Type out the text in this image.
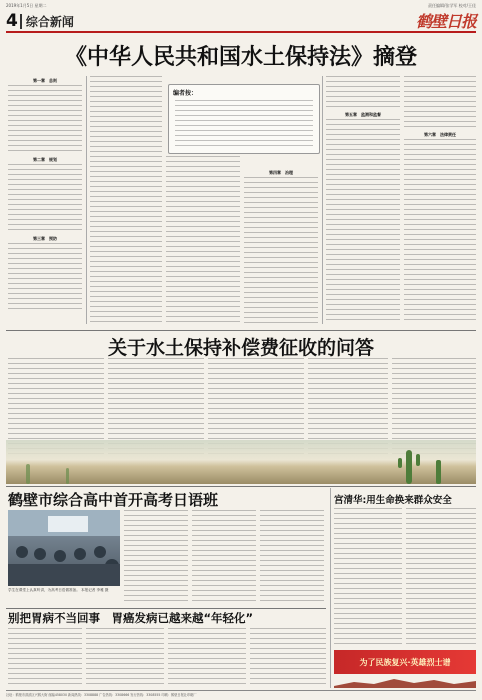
2019年1月5日 星期二	责任编辑/张学军 校对/王佳
4 综合新闻	鹤壁日报
《中华人民共和国水土保持法》摘登
第一章　总则
第二章　规划
第三章　预防
编者按：
第四章　治理
第五章　监测和监督
第六章　法律责任
关于水土保持补偿费征收的问答
鹤壁市综合高中首开高考日语班
学生在课堂上认真听讲，为高考日语做准备。 本报记者 李雅 摄
别把胃病不当回事　胃癌发病已越来越“年轻化”
宫清华:用生命换来群众安全
为了民族复兴·英雄烈士谱
社址：鹤壁市淇滨区兴鹤大街 邮编458030 新闻热线：3308888 广告热线：3308666 发行热线：3308555 印刷：鹤壁日报社印刷厂
